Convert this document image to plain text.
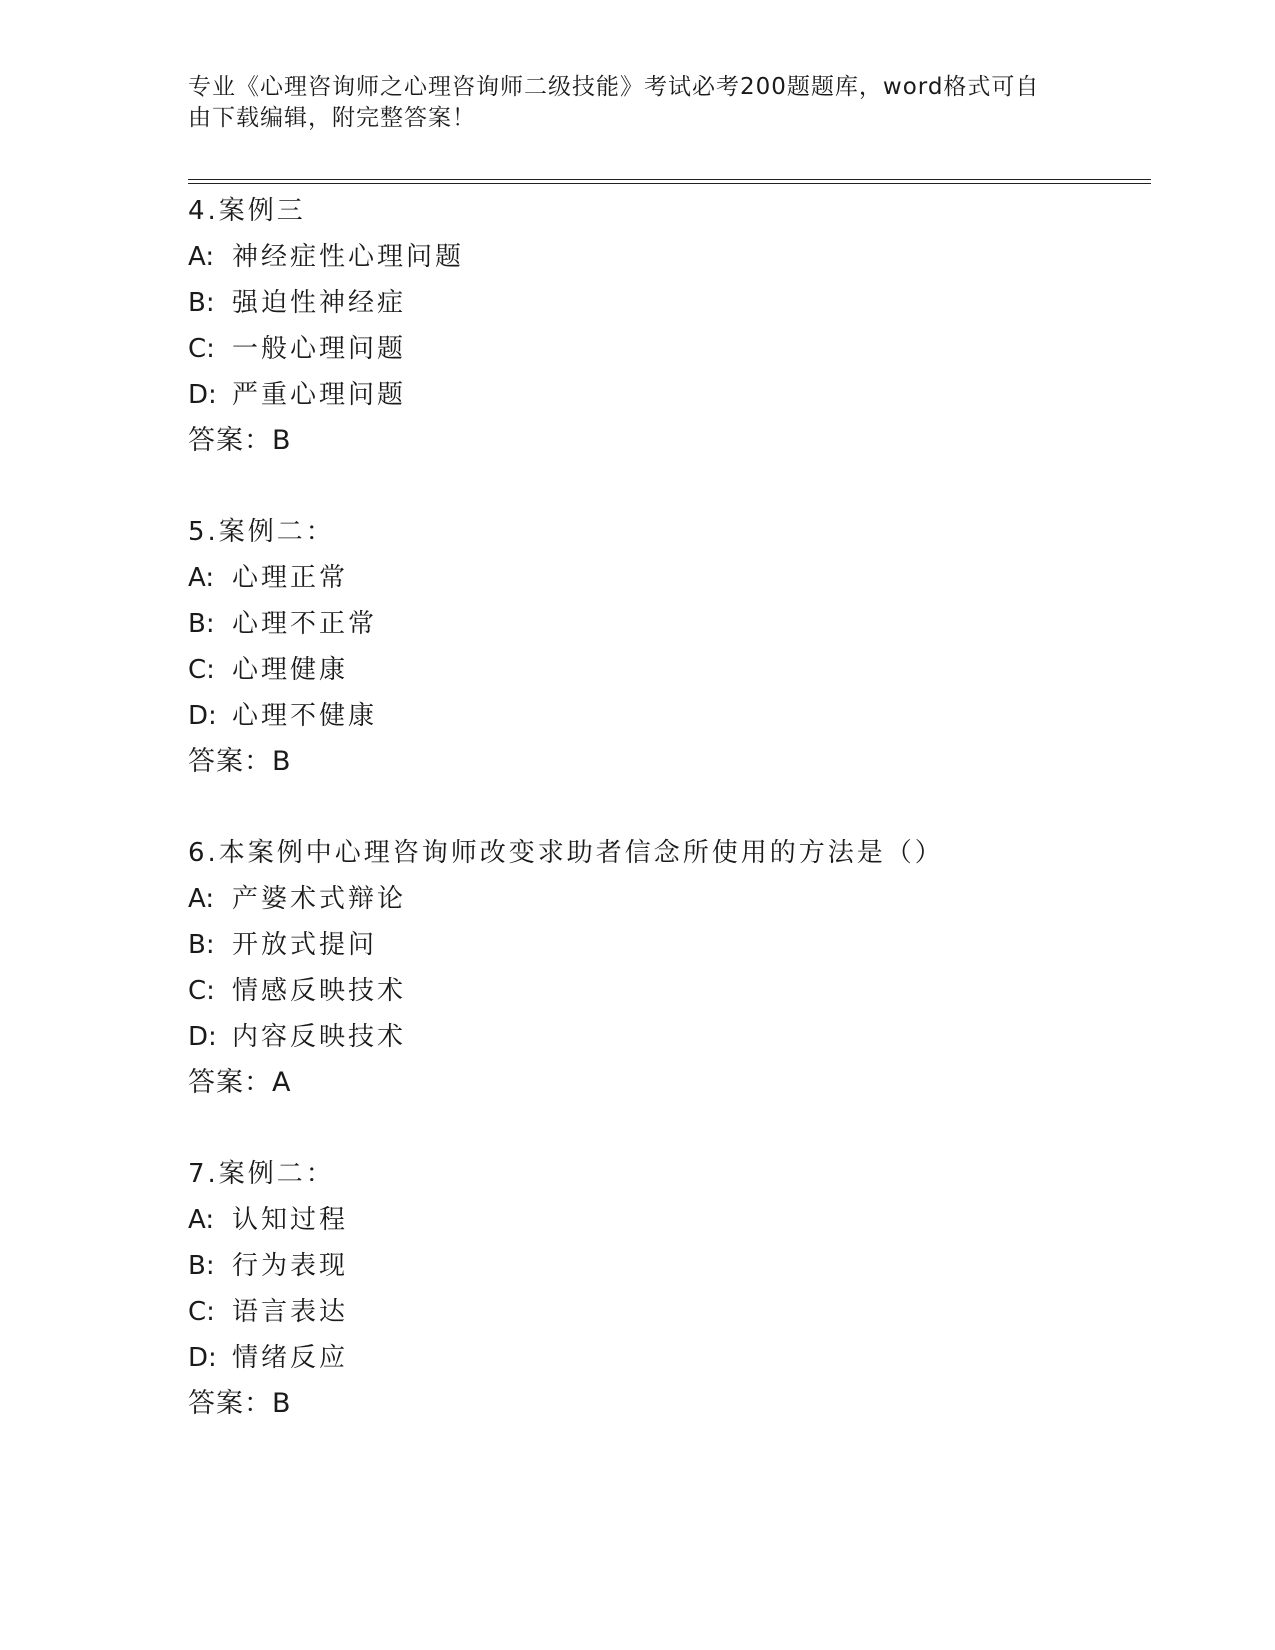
专业《心理咨询师之心理咨询师二级技能》考试必考200题题库，word格式可自
由下载编辑，附完整答案！
4.案例三
A: 神经症性心理问题
B: 强迫性神经症
C: 一般心理问题
D: 严重心理问题
答案：B
5.案例二：
A: 心理正常
B: 心理不正常
C: 心理健康
D: 心理不健康
答案：B
6.本案例中心理咨询师改变求助者信念所使用的方法是（）
A: 产婆术式辩论
B: 开放式提问
C: 情感反映技术
D: 内容反映技术
答案：A
7.案例二：
A: 认知过程
B: 行为表现
C: 语言表达
D: 情绪反应
答案：B
